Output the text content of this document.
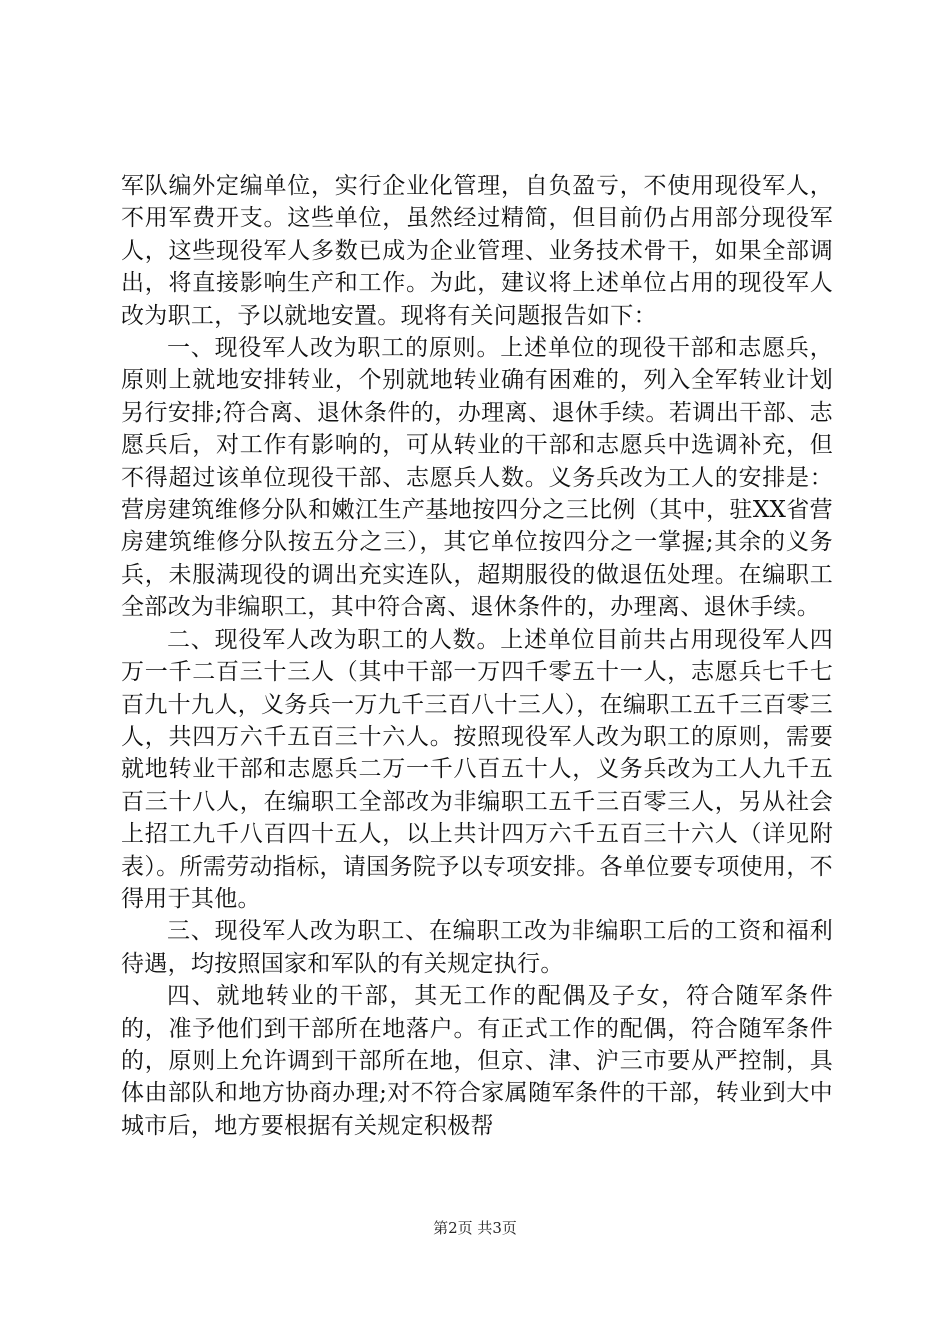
军队编外定编单位，实行企业化管理，自负盈亏，不使用现役军人，不用军费开支。这些单位，虽然经过精简，但目前仍占用部分现役军人，这些现役军人多数已成为企业管理、业务技术骨干，如果全部调出，将直接影响生产和工作。为此，建议将上述单位占用的现役军人改为职工，予以就地安置。现将有关问题报告如下：

一、现役军人改为职工的原则。上述单位的现役干部和志愿兵，原则上就地安排转业，个别就地转业确有困难的，列入全军转业计划另行安排;符合离、退休条件的，办理离、退休手续。若调出干部、志愿兵后，对工作有影响的，可从转业的干部和志愿兵中选调补充，但不得超过该单位现役干部、志愿兵人数。义务兵改为工人的安排是：营房建筑维修分队和嫩江生产基地按四分之三比例（其中，驻XX省营房建筑维修分队按五分之三），其它单位按四分之一掌握;其余的义务兵，未服满现役的调出充实连队，超期服役的做退伍处理。在编职工全部改为非编职工，其中符合离、退休条件的，办理离、退休手续。

二、现役军人改为职工的人数。上述单位目前共占用现役军人四万一千二百三十三人（其中干部一万四千零五十一人，志愿兵七千七百九十九人，义务兵一万九千三百八十三人），在编职工五千三百零三人，共四万六千五百三十六人。按照现役军人改为职工的原则，需要就地转业干部和志愿兵二万一千八百五十人，义务兵改为工人九千五百三十八人，在编职工全部改为非编职工五千三百零三人，另从社会上招工九千八百四十五人，以上共计四万六千五百三十六人（详见附表）。所需劳动指标，请国务院予以专项安排。各单位要专项使用，不得用于其他。

三、现役军人改为职工、在编职工改为非编职工后的工资和福利待遇，均按照国家和军队的有关规定执行。

四、就地转业的干部，其无工作的配偶及子女，符合随军条件的，准予他们到干部所在地落户。有正式工作的配偶，符合随军条件的，原则上允许调到干部所在地，但京、津、沪三市要从严控制，具体由部队和地方协商办理;对不符合家属随军条件的干部，转业到大中城市后，地方要根据有关规定积极帮

第2页 共3页
